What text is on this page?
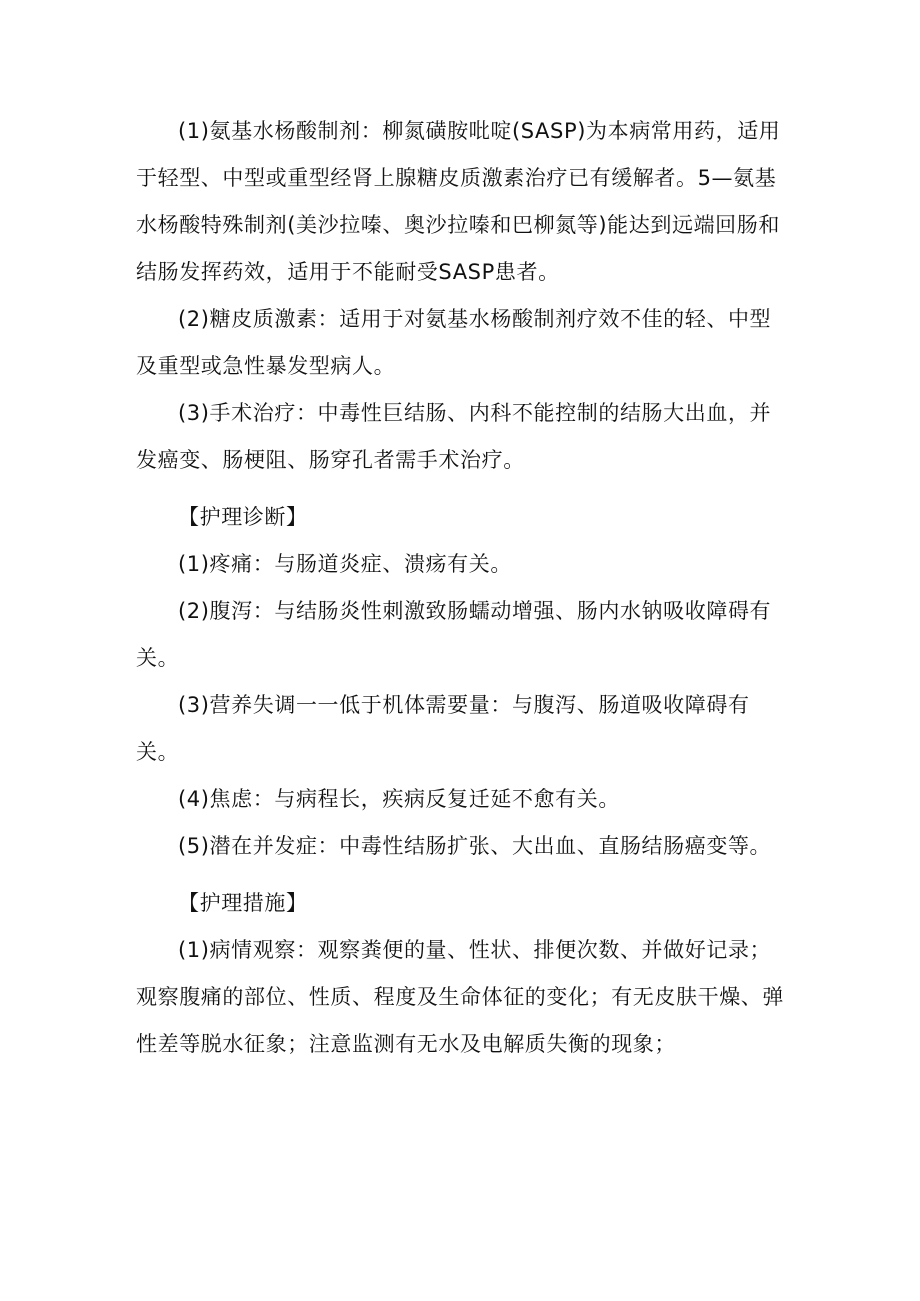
(1)氨基水杨酸制剂：柳氮磺胺吡啶(SASP)为本病常用药，适用于轻型、中型或重型经肾上腺糖皮质激素治疗已有缓解者。5—氨基水杨酸特殊制剂(美沙拉嗪、奥沙拉嗪和巴柳氮等)能达到远端回肠和结肠发挥药效，适用于不能耐受SASP患者。

(2)糖皮质激素：适用于对氨基水杨酸制剂疗效不佳的轻、中型及重型或急性暴发型病人。

(3)手术治疗：中毒性巨结肠、内科不能控制的结肠大出血，并发癌变、肠梗阻、肠穿孔者需手术治疗。

【护理诊断】

(1)疼痛：与肠道炎症、溃疡有关。

(2)腹泻：与结肠炎性刺激致肠蠕动增强、肠内水钠吸收障碍有关。

(3)营养失调一一低于机体需要量：与腹泻、肠道吸收障碍有关。

(4)焦虑：与病程长，疾病反复迁延不愈有关。

(5)潜在并发症：中毒性结肠扩张、大出血、直肠结肠癌变等。

【护理措施】

(1)病情观察：观察粪便的量、性状、排便次数、并做好记录；观察腹痛的部位、性质、程度及生命体征的变化；有无皮肤干燥、弹性差等脱水征象；注意监测有无水及电解质失衡的现象；
